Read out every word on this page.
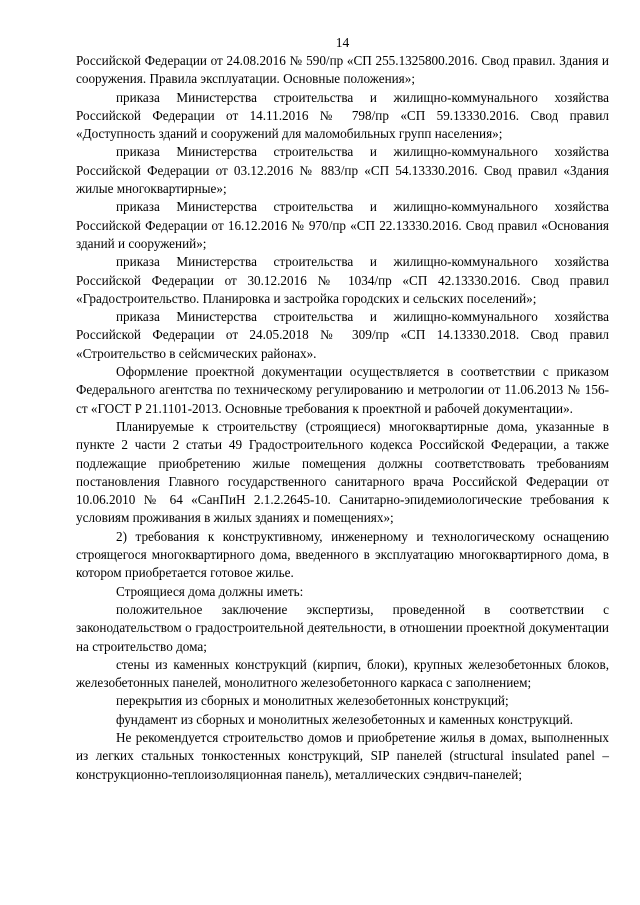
14

Российской Федерации от 24.08.2016 № 590/пр «СП 255.1325800.2016. Свод правил. Здания и сооружения. Правила эксплуатации. Основные положения»;

приказа Министерства строительства и жилищно-коммунального хозяйства Российской Федерации от 14.11.2016 № 798/пр «СП 59.13330.2016. Свод правил «Доступность зданий и сооружений для маломобильных групп населения»;

приказа Министерства строительства и жилищно-коммунального хозяйства Российской Федерации от 03.12.2016 № 883/пр «СП 54.13330.2016. Свод правил «Здания жилые многоквартирные»;

приказа Министерства строительства и жилищно-коммунального хозяйства Российской Федерации от 16.12.2016 № 970/пр «СП 22.13330.2016. Свод правил «Основания зданий и сооружений»;

приказа Министерства строительства и жилищно-коммунального хозяйства Российской Федерации от 30.12.2016 № 1034/пр «СП 42.13330.2016. Свод правил «Градостроительство. Планировка и застройка городских и сельских поселений»;

приказа Министерства строительства и жилищно-коммунального хозяйства Российской Федерации от 24.05.2018 № 309/пр «СП 14.13330.2018. Свод правил «Строительство в сейсмических районах».

Оформление проектной документации осуществляется в соответствии с приказом Федерального агентства по техническому регулированию и метрологии от 11.06.2013 № 156-ст «ГОСТ Р 21.1101-2013. Основные требования к проектной и рабочей документации».

Планируемые к строительству (строящиеся) многоквартирные дома, указанные в пункте 2 части 2 статьи 49 Градостроительного кодекса Российской Федерации, а также подлежащие приобретению жилые помещения должны соответствовать требованиям постановления Главного государственного санитарного врача Российской Федерации от 10.06.2010 № 64 «СанПиН 2.1.2.2645-10. Санитарно-эпидемиологические требования к условиям проживания в жилых зданиях и помещениях»;

2) требования к конструктивному, инженерному и технологическому оснащению строящегося многоквартирного дома, введенного в эксплуатацию многоквартирного дома, в котором приобретается готовое жилье.

Строящиеся дома должны иметь:

положительное заключение экспертизы, проведенной в соответствии с законодательством о градостроительной деятельности, в отношении проектной документации на строительство дома;

стены из каменных конструкций (кирпич, блоки), крупных железобетонных блоков, железобетонных панелей, монолитного железобетонного каркаса с заполнением;

перекрытия из сборных и монолитных железобетонных конструкций;

фундамент из сборных и монолитных железобетонных и каменных конструкций.

Не рекомендуется строительство домов и приобретение жилья в домах, выполненных из легких стальных тонкостенных конструкций, SIP панелей (structural insulated panel – конструкционно-теплоизоляционная панель), металлических сэндвич-панелей;
